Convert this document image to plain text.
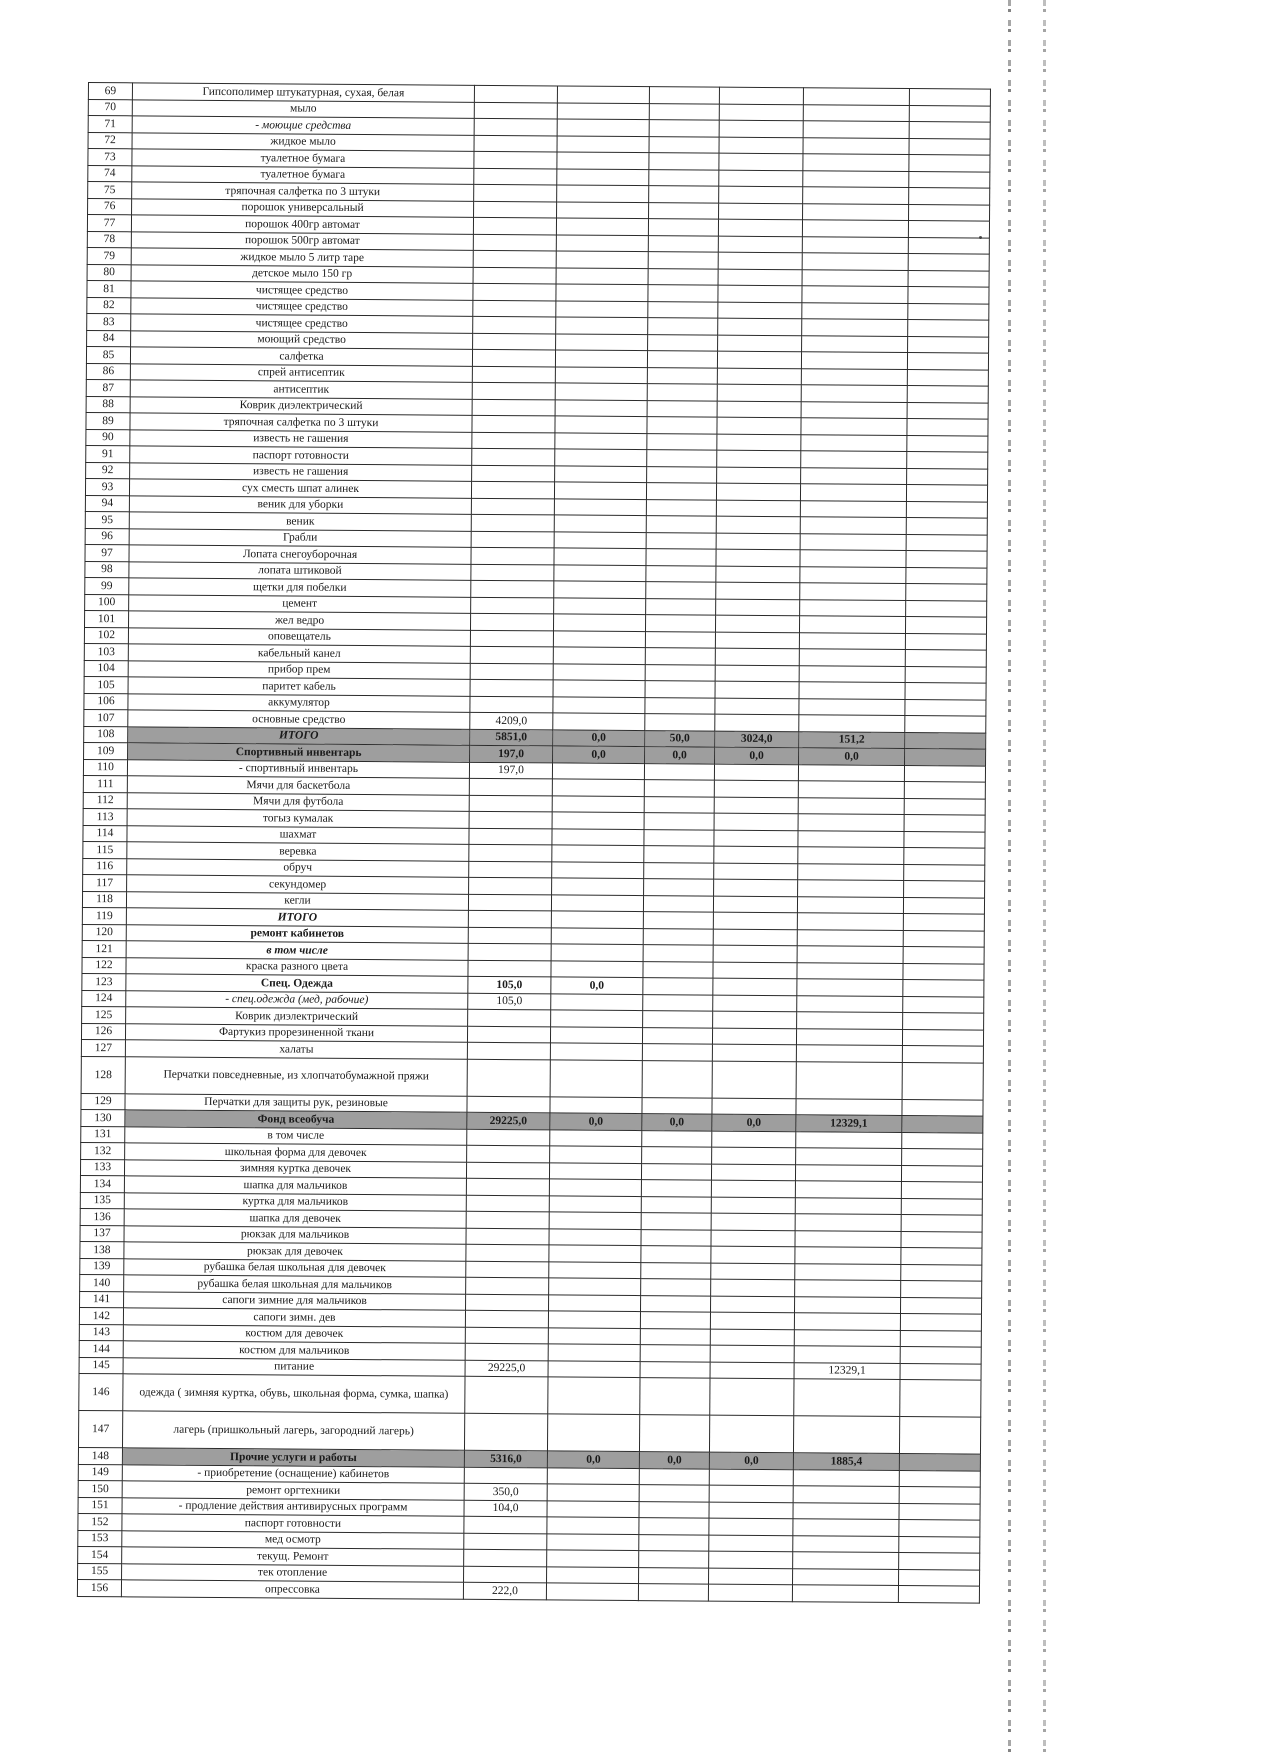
69	Гипсополимер штукатурная, сухая, белая						
70	мыло						
71	- моющие средства						
72	жидкое мыло						
73	туалетное бумага						
74	туалетное бумага						
75	тряпочная салфетка по 3 штуки						
76	порошок универсальный						
77	порошок 400гр автомат						
78	порошок 500гр автомат						
79	жидкое мыло 5 литр таре						
80	детское мыло 150 гр						
81	чистящее средство						
82	чистящее средство						
83	чистящее средство						
84	моющий средство						
85	салфетка						
86	спрей антисептик						
87	антисептик						
88	Коврик диэлектрический						
89	тряпочная салфетка по 3 штуки						
90	известь не гашения						
91	паспорт готовности						
92	известь не гашения						
93	сух сместь шпат алинек						
94	веник для уборки						
95	веник						
96	Грабли						
97	Лопата снегоуборочная						
98	лопата штиковой						
99	щетки для побелки						
100	цемент						
101	жел ведро						
102	оповещатель						
103	кабельный канел						
104	прибор прем						
105	паритет кабель						
106	аккумулятор						
107	основные средство	4209,0					
108	ИТОГО	5851,0	0,0	50,0	3024,0	151,2	
109	Спортивный инвентарь	197,0	0,0	0,0	0,0	0,0	
110	- спортивный инвентарь	197,0					
111	Мячи для баскетбола						
112	Мячи для футбола						
113	тогыз кумалак						
114	шахмат						
115	веревка						
116	обруч						
117	секундомер						
118	кегли						
119	ИТОГО						
120	ремонт кабинетов						
121	в том числе						
122	краска разного цвета						
123	Спец. Одежда	105,0	0,0				
124	- спец.одежда (мед, рабочие)	105,0					
125	Коврик диэлектрический						
126	Фартукиз прорезиненной ткани						
127	халаты						
128	Перчатки повседневные, из хлопчатобумажной пряжи						
129	Перчатки для защиты рук, резиновые						
130	Фонд всеобуча	29225,0	0,0	0,0	0,0	12329,1	
131	в том числе						
132	школьная форма для девочек						
133	зимняя куртка девочек						
134	шапка для мальчиков						
135	куртка для мальчиков						
136	шапка для девочек						
137	рюкзак для мальчиков						
138	рюкзак для девочек						
139	рубашка белая школьная для девочек						
140	рубашка белая школьная для мальчиков						
141	сапоги зимние для мальчиков						
142	сапоги зимн. дев						
143	костюм для девочек						
144	костюм для мальчиков						
145	питание	29225,0				12329,1	
146	одежда ( зимняя куртка, обувь, школьная форма, сумка, шапка)						
147	лагерь (пришкольный лагерь, загородний лагерь)						
148	Прочие услуги и работы	5316,0	0,0	0,0	0,0	1885,4	
149	- приобретение (оснащение) кабинетов						
150	ремонт оргтехники	350,0					
151	- продление действия антивирусных программ	104,0					
152	паспорт готовности						
153	мед осмотр						
154	текущ. Ремонт						
155	тек отопление						
156	опрессовка	222,0					
